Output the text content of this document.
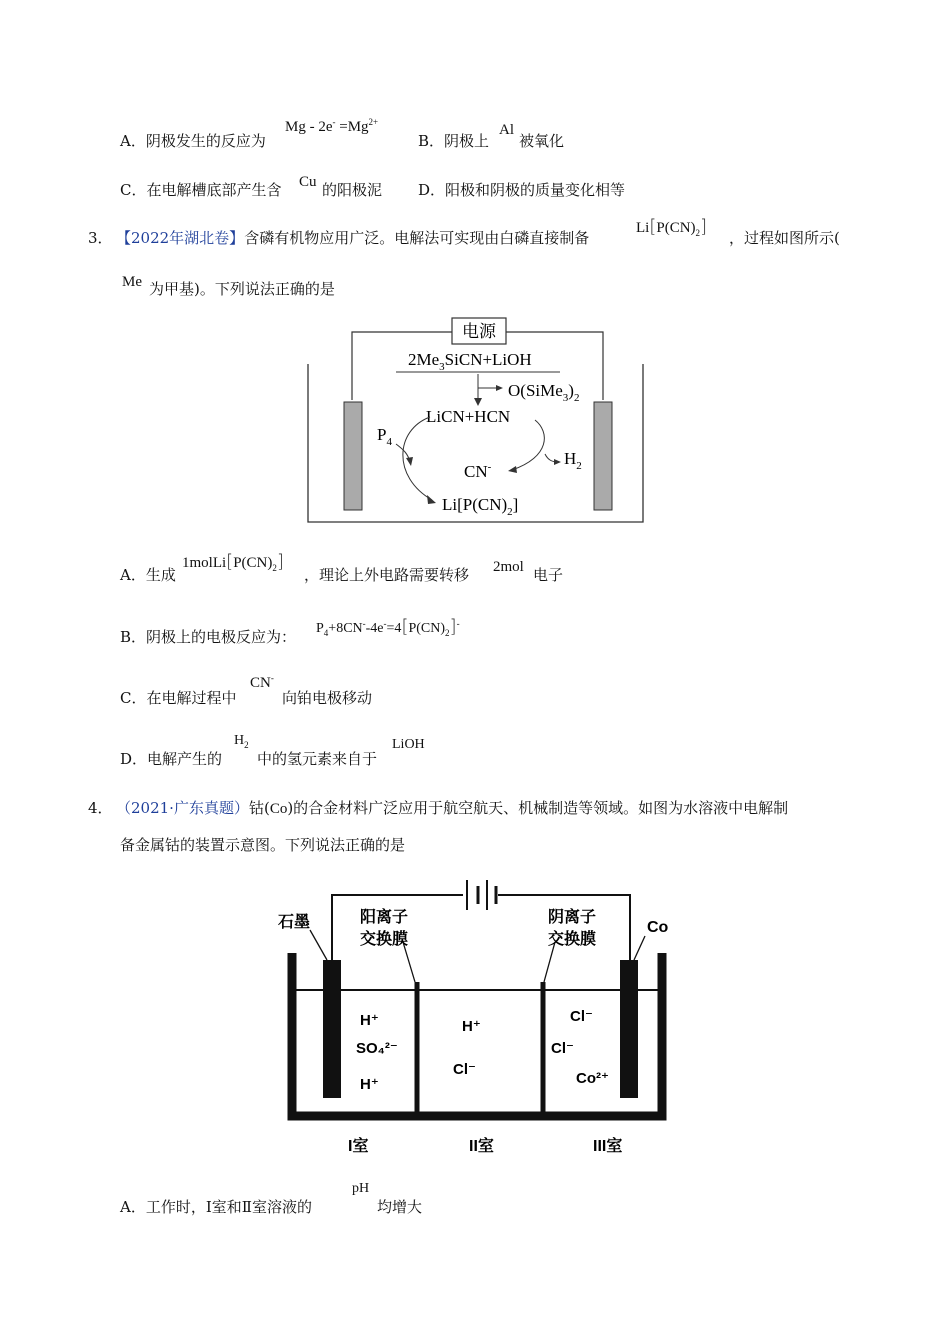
A．阴极发生的反应为
$Mg - 2e^- =Mg^{2+}$
B．阴极上
Al
被氧化
C．在电解槽底部产生含 Cu 的阳极泥 D．阳极和阴极的质量变化相等
3． 【2022年湖北卷】含磷有机物应用广泛。电解法可实现由白磷直接制备
$Li[P(CN)_2]$
，过程如图所示(
Me 为甲基)。下列说法正确的是
电源
$2Me_3SiCN+LiOH$
$O(SiMe_3)_2$
LiCN+HCN
$P_4$
CN-	$H_2$
$Li[P(CN)_2]$
A．生成
$1molLi[P(CN)_2]$
，理论上外电路需要转移 2mol 电子
B．阴极上的电极反应为： $P_4+8CN^--4e^-=4[P(CN)_2]^-$
C．在电解过程中
CN-
向铂电极移动
D．电解产生的
$H_2$
中的氢元素来自于
LiOH
4． （2021·广东真题）钴(Co)的合金材料广泛应用于航空航天、机械制造等领域。如图为水溶液中电解制
备金属钴的装置示意图。下列说法正确的是
石墨	阳离子
交换膜
阴离子
交换膜
Co
H⁺
SO₄²⁻
H⁺
H⁺
Cl⁻
Cl⁻
Cl⁻
Co²⁺
I室	II室	III室
A．工作时，Ⅰ室和Ⅱ室溶液的
pH
均增大
